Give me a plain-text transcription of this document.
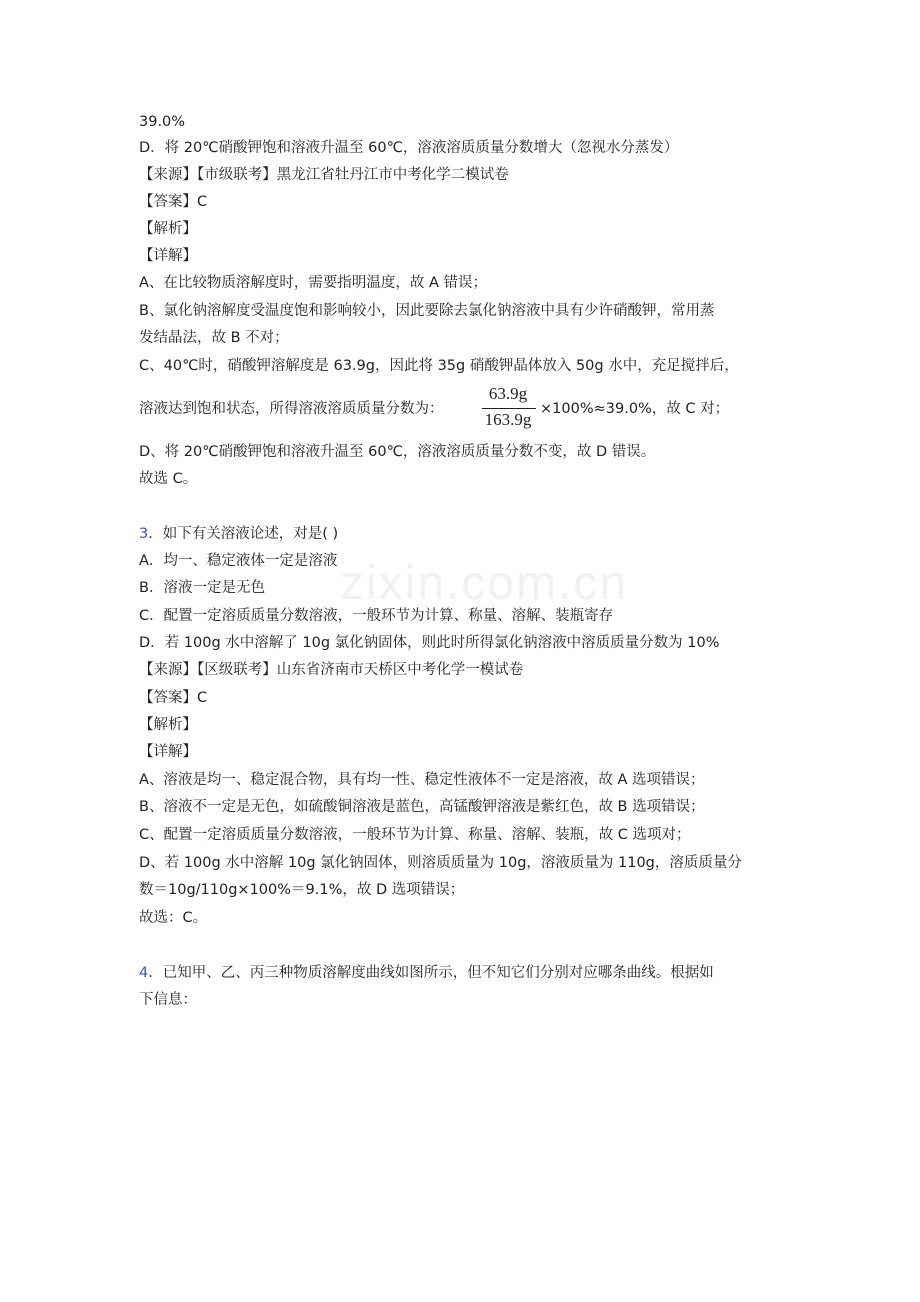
zixin.com.cn
39.0%
D．将 20℃硝酸钾饱和溶液升温至 60℃，溶液溶质质量分数增大（忽视水分蒸发）
【来源】【市级联考】黑龙江省牡丹江市中考化学二模试卷
【答案】C
【解析】
【详解】
A、在比较物质溶解度时，需要指明温度，故 A 错误；
B、氯化钠溶解度受温度饱和影响较小，因此要除去氯化钠溶液中具有少许硝酸钾，常用蒸
发结晶法，故 B 不对；
C、40℃时，硝酸钾溶解度是 63.9g，因此将 35g 硝酸钾晶体放入 50g 水中，充足搅拌后，
溶液达到饱和状态，所得溶液溶质质量分数为：
63.9g
163.9g
×100%≈39.0%，故 C 对；
D、将 20℃硝酸钾饱和溶液升温至 60℃，溶液溶质质量分数不变，故 D 错误。
故选 C。
3．如下有关溶液论述，对是( )
A．均一、稳定液体一定是溶液
B．溶液一定是无色
C．配置一定溶质质量分数溶液，一般环节为计算、称量、溶解、装瓶寄存
D．若 100g 水中溶解了 10g 氯化钠固体，则此时所得氯化钠溶液中溶质质量分数为 10%
【来源】【区级联考】山东省济南市天桥区中考化学一模试卷
【答案】C
【解析】
【详解】
A、溶液是均一、稳定混合物，具有均一性、稳定性液体不一定是溶液，故 A 选项错误；
B、溶液不一定是无色，如硫酸铜溶液是蓝色，高锰酸钾溶液是紫红色，故 B 选项错误；
C、配置一定溶质质量分数溶液，一般环节为计算、称量、溶解、装瓶，故 C 选项对；
D、若 100g 水中溶解 10g 氯化钠固体，则溶质质量为 10g，溶液质量为 110g，溶质质量分
数＝10g/110g×100%＝9.1%，故 D 选项错误；
故选：C。
4．已知甲、乙、丙三种物质溶解度曲线如图所示，但不知它们分别对应哪条曲线。根据如
下信息：
